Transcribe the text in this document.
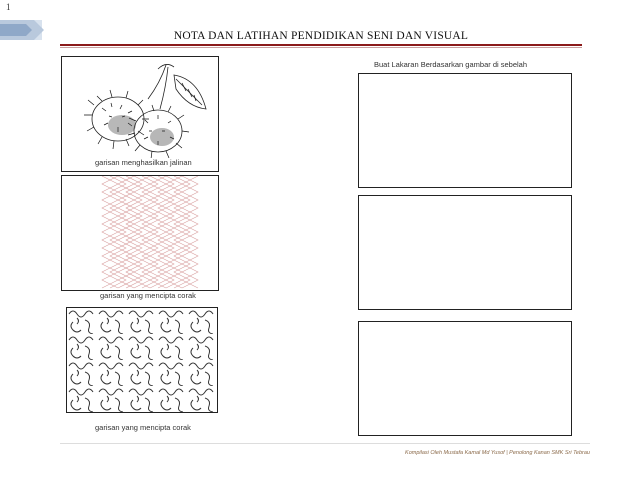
1
NOTA DAN LATIHAN PENDIDIKAN SENI DAN VISUAL
garisan menghasilkan jalinan
garisan yang mencipta corak
garisan yang mencipta corak
Buat Lakaran Berdasarkan gambar di sebelah
Kompilasi Oleh Mustafa Kamal Md Yusof | Penolong Kanan SMK Sri Tebrau
